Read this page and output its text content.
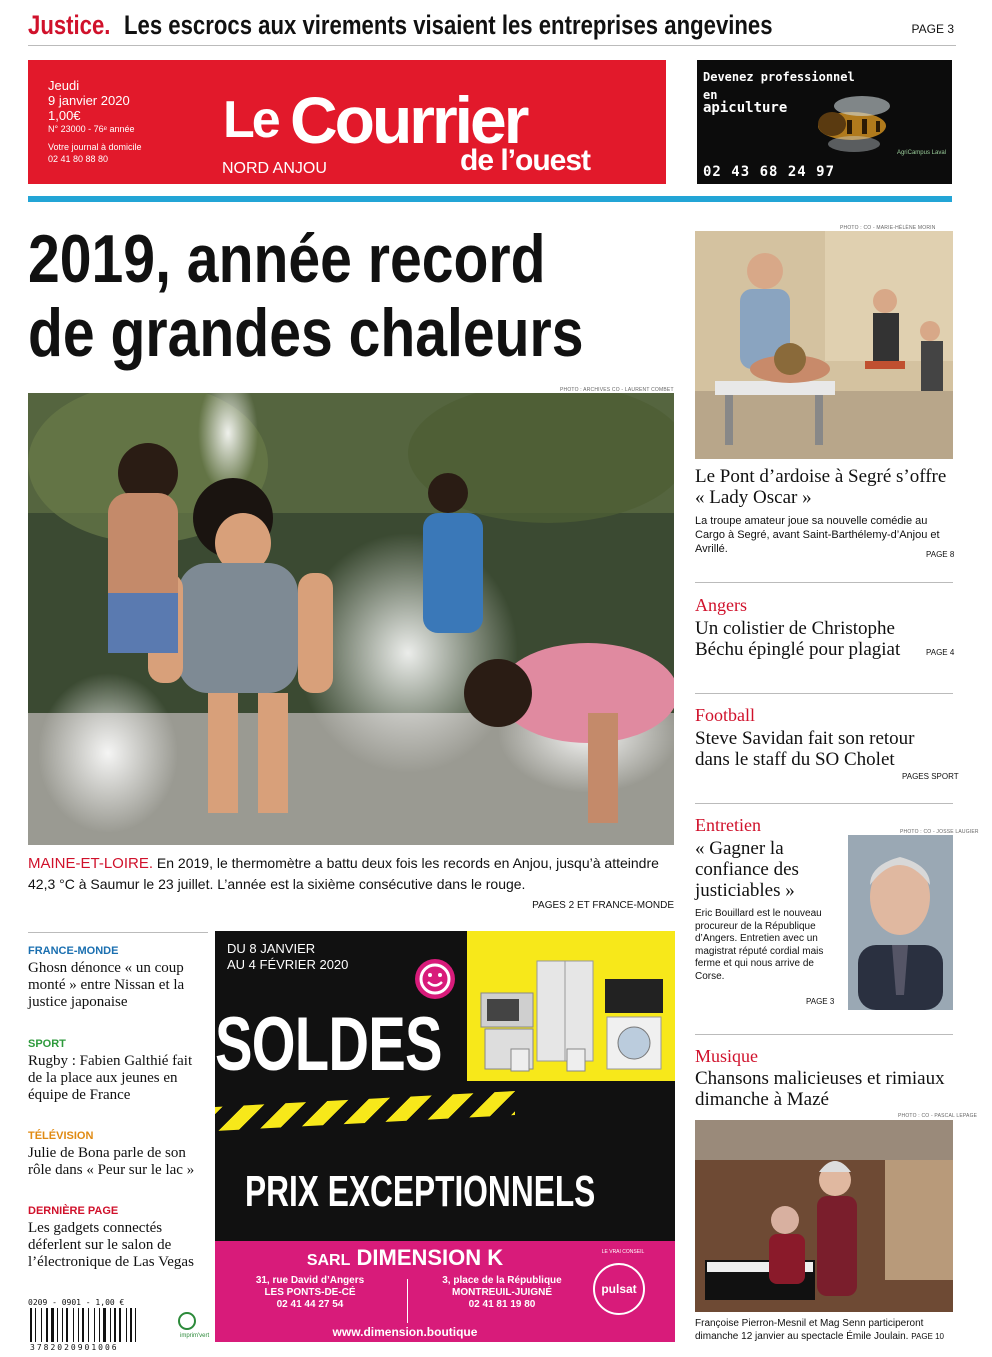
Justice. Les escrocs aux virements visaient les entreprises angevines	PAGE 3
Jeudi
9 janvier 2020
1,00€
N° 23000 - 76ᵉ année
Votre journal à domicile
02 41 80 88 80
Le Courrier
de l’ouest
NORD ANJOU
Devenez professionnel
en
apiculture
AgriCampus Laval
02 43 68 24 97
2019, année record
de grandes chaleurs
PHOTO : ARCHIVES CO - LAURENT COMBET
MAINE-ET-LOIRE. En 2019, le thermomètre a battu deux fois les records en Anjou, jusqu’à atteindre 42,3 °C à Saumur le 23 juillet. L’année est la sixième consécutive dans le rouge.
PAGES 2 ET FRANCE-MONDE
FRANCE-MONDE
Ghosn dénonce « un coup monté » entre Nissan et la justice japonaise
SPORT
Rugby : Fabien Galthié fait de la place aux jeunes en équipe de France
TÉLÉVISION
Julie de Bona parle de son rôle dans « Peur sur le lac »
DERNIÈRE PAGE
Les gadgets connectés déferlent sur le salon de l’électronique de Las Vegas
DU 8 JANVIER
AU 4 FÉVRIER 2020
SOLDES
PRIX EXCEPTIONNELS
SARL DIMENSION K
31, rue David d’Angers
LES PONTS-DE-CÉ
02 41 44 27 54
3, place de la République
MONTREUIL-JUIGNÉ
02 41 81 19 80
www.dimension.boutique
LE VRAI CONSEIL
pulsat
0209 - 0901 - 1,00 €
3782020901006
imprim'vert
PHOTO : CO - MARIE-HÉLÈNE MORIN
Le Pont d’ardoise à Segré s’offre « Lady Oscar »
La troupe amateur joue sa nouvelle comédie au Cargo à Segré, avant Saint-Barthélemy-d’Anjou et Avrillé.	PAGE 8
Angers
Un colistier de Christophe Béchu épinglé pour plagiat	PAGE 4
Football
Steve Savidan fait son retour dans le staff du SO Cholet
PAGES SPORT
Entretien	PHOTO : CO - JOSSE LAUGIER
« Gagner la confiance des justiciables »
Eric Bouillard est le nouveau procureur de la République d’Angers. Entretien avec un magistrat réputé cordial mais ferme et qui nous arrive de Corse.
PAGE 3
Musique
Chansons malicieuses et rimiaux dimanche à Mazé
PHOTO : CO - PASCAL LEPAGE
Françoise Pierron-Mesnil et Mag Senn participeront dimanche 12 janvier au spectacle Émile Joulain. PAGE 10
